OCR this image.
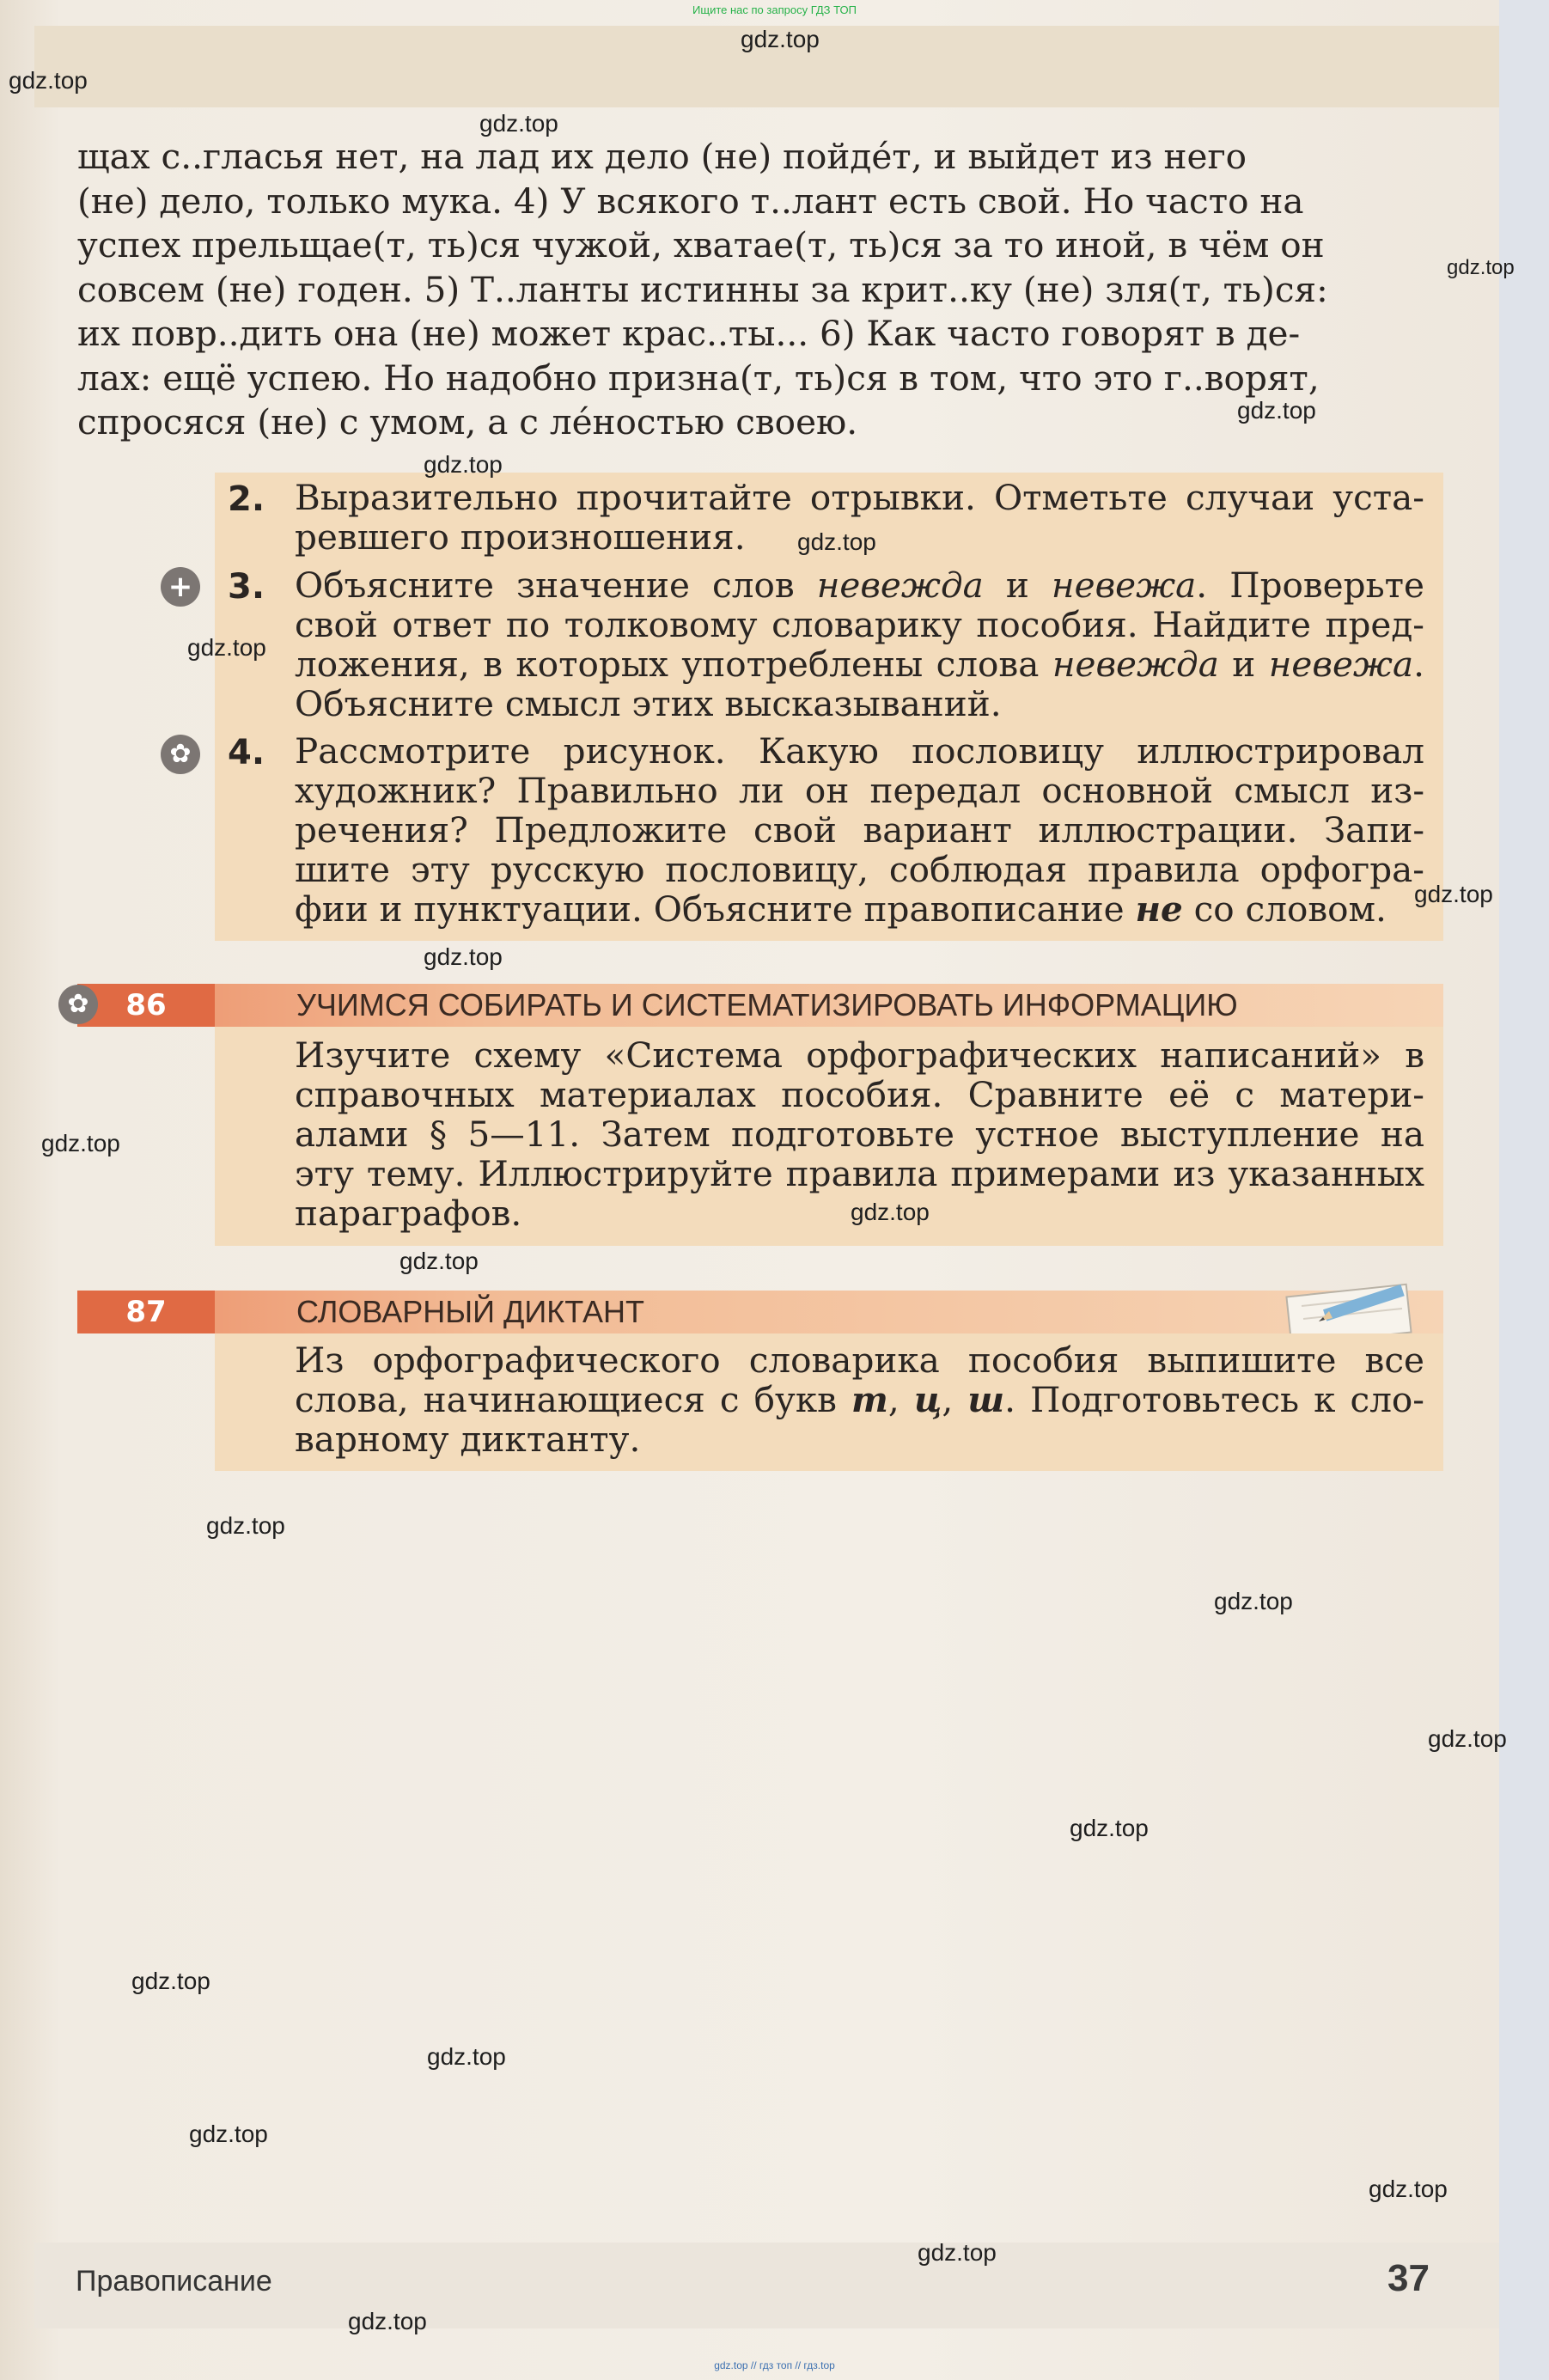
Ищите нас по запросу ГДЗ ТОП
щах с..гласья нет, на лад их дело (не) пойдéт, и выйдет из него
(не) дело, только мука. 4) У всякого т..лант есть свой. Но часто на
успех прельщае(т, ть)ся чужой, хватае(т, ть)ся за то иной, в чём он
совсем (не) годен. 5) Т..ланты истинны за крит..ку (не) зля(т, ть)ся:
их повр..дить она (не) может крас..ты... 6) Как часто говорят в де-
лах: ещё успею. Но надобно призна(т, ть)ся в том, что это г..ворят,
спросяся (не) с умом, а с лéностью своею.
2. Выразительно прочитайте отрывки. Отметьте случаи уста-
ревшего произношения.
+ 3. Объясните значение слов невежда и невежа. Проверьте
свой ответ по толковому словарику пособия. Найдите пред-
ложения, в которых употреблены слова невежда и невежа.
Объясните смысл этих высказываний.
✿ 4. Рассмотрите рисунок. Какую пословицу иллюстрировал
художник? Правильно ли он передал основной смысл из-
речения? Предложите свой вариант иллюстрации. Запи-
шите эту русскую пословицу, соблюдая правила орфогра-
фии и пунктуации. Объясните правописание не со словом.
86
✿	УЧИМСЯ СОБИРАТЬ И СИСТЕМАТИЗИРОВАТЬ ИНФОРМАЦИЮ
Изучите схему «Система орфографических написаний» в
справочных материалах пособия. Сравните её с матери-
алами § 5—11. Затем подготовьте устное выступление на
эту тему. Иллюстрируйте правила примерами из указанных
параграфов.
87	СЛОВАРНЫЙ ДИКТАНТ
Из орфографического словарика пособия выпишите все
слова, начинающиеся с букв т, ц, ш. Подготовьтесь к сло-
варному диктанту.
Правописание	37
gdz.top // гдз топ // гдз.top
gdz.top
gdz.top
gdz.top
gdz.top
gdz.top
gdz.top
gdz.top
gdz.top
gdz.top
gdz.top
gdz.top
gdz.top
gdz.top
gdz.top
gdz.top
gdz.top
gdz.top
gdz.top
gdz.top
gdz.top
gdz.top
gdz.top
gdz.top
